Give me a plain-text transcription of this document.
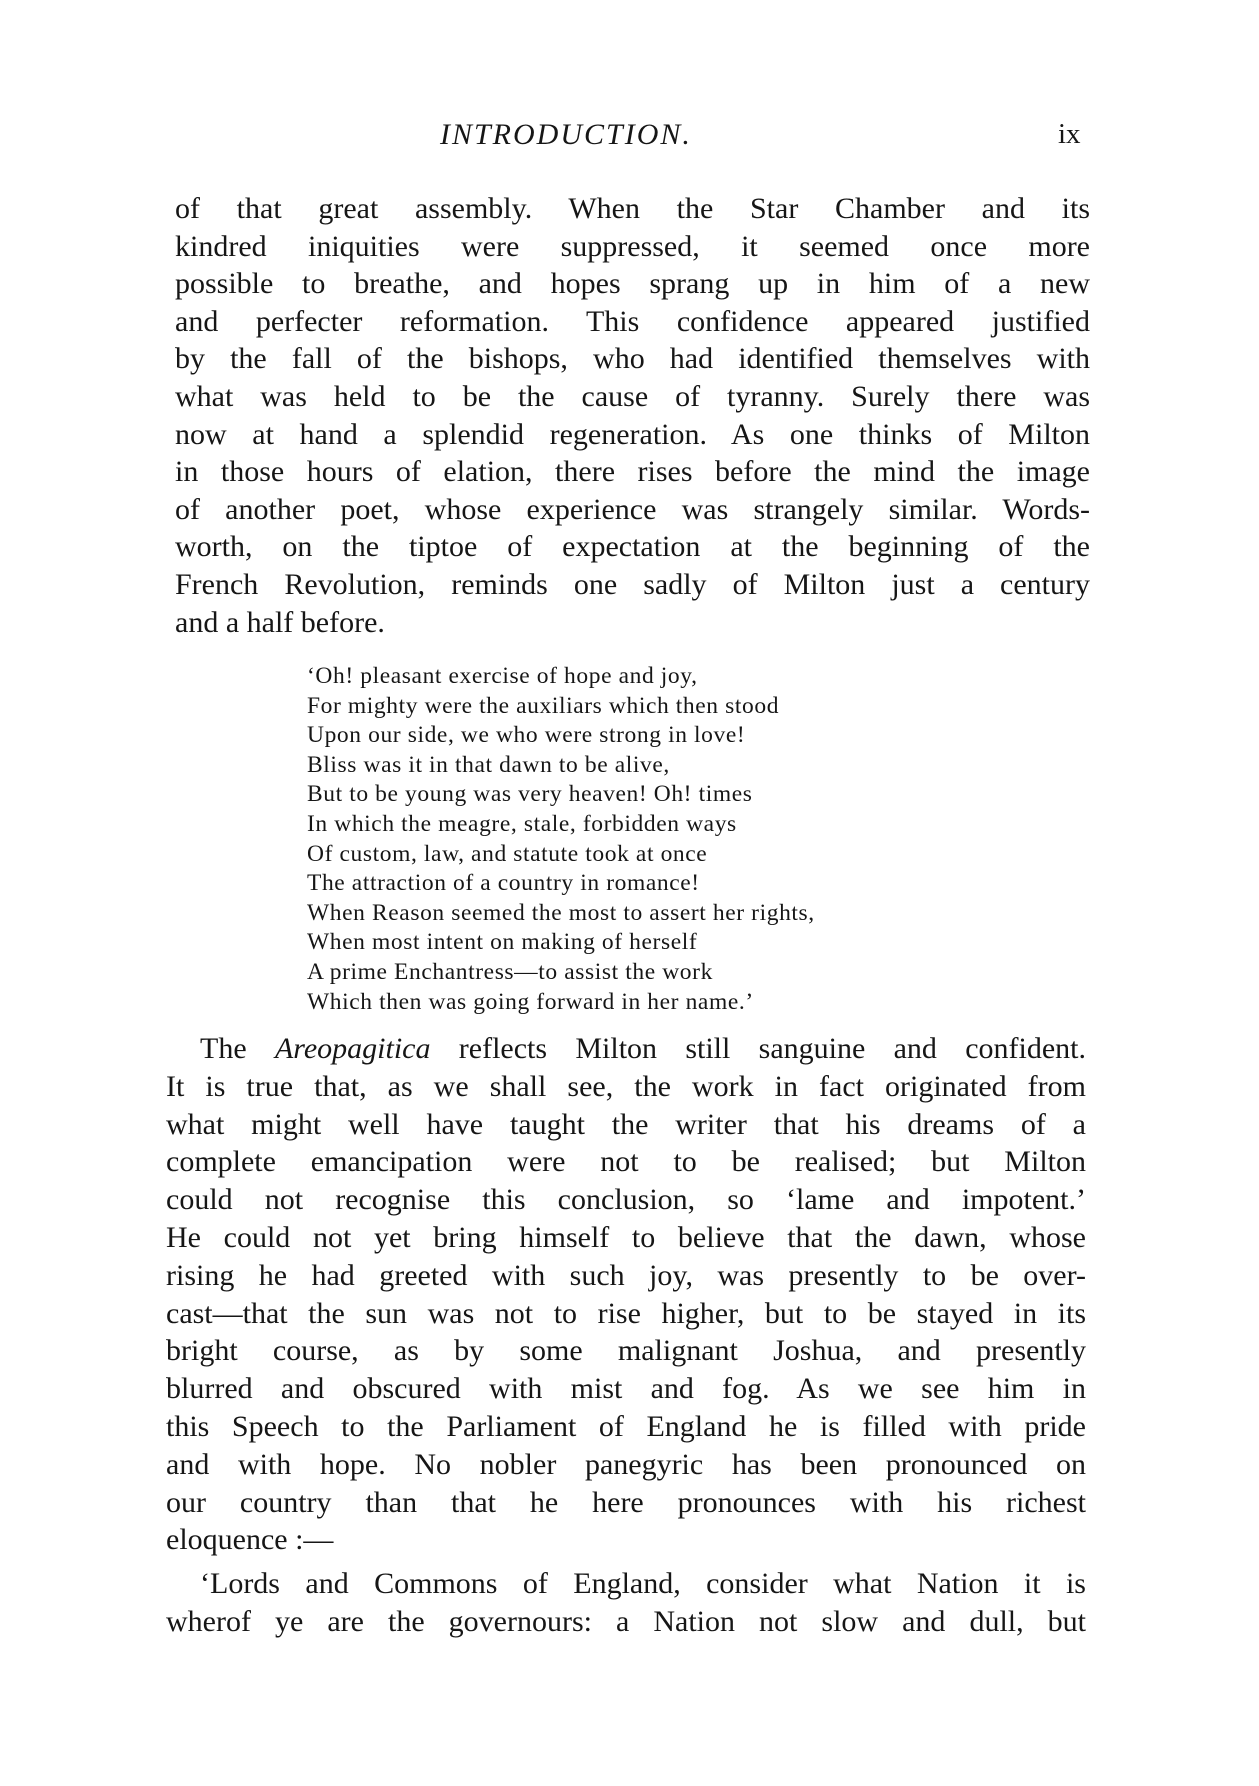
INTRODUCTION.	ix
of that great assembly. When the Star Chamber and its
kindred iniquities were suppressed, it seemed once more
possible to breathe, and hopes sprang up in him of a new
and perfecter reformation. This confidence appeared justified
by the fall of the bishops, who had identified themselves with
what was held to be the cause of tyranny. Surely there was
now at hand a splendid regeneration. As one thinks of Milton
in those hours of elation, there rises before the mind the image
of another poet, whose experience was strangely similar. Words-
worth, on the tiptoe of expectation at the beginning of the
French Revolution, reminds one sadly of Milton just a century
and a half before.
‘Oh! pleasant exercise of hope and joy,
For mighty were the auxiliars which then stood
Upon our side, we who were strong in love!
Bliss was it in that dawn to be alive,
But to be young was very heaven! Oh! times
In which the meagre, stale, forbidden ways
Of custom, law, and statute took at once
The attraction of a country in romance!
When Reason seemed the most to assert her rights,
When most intent on making of herself
A prime Enchantress—to assist the work
Which then was going forward in her name.’
The Areopagitica reflects Milton still sanguine and confident.
It is true that, as we shall see, the work in fact originated from
what might well have taught the writer that his dreams of a
complete emancipation were not to be realised; but Milton
could not recognise this conclusion, so ‘lame and impotent.’
He could not yet bring himself to believe that the dawn, whose
rising he had greeted with such joy, was presently to be over-
cast—that the sun was not to rise higher, but to be stayed in its
bright course, as by some malignant Joshua, and presently
blurred and obscured with mist and fog. As we see him in
this Speech to the Parliament of England he is filled with pride
and with hope. No nobler panegyric has been pronounced on
our country than that he here pronounces with his richest
eloquence :—
‘Lords and Commons of England, consider what Nation it is
wherof ye are the governours: a Nation not slow and dull, but
